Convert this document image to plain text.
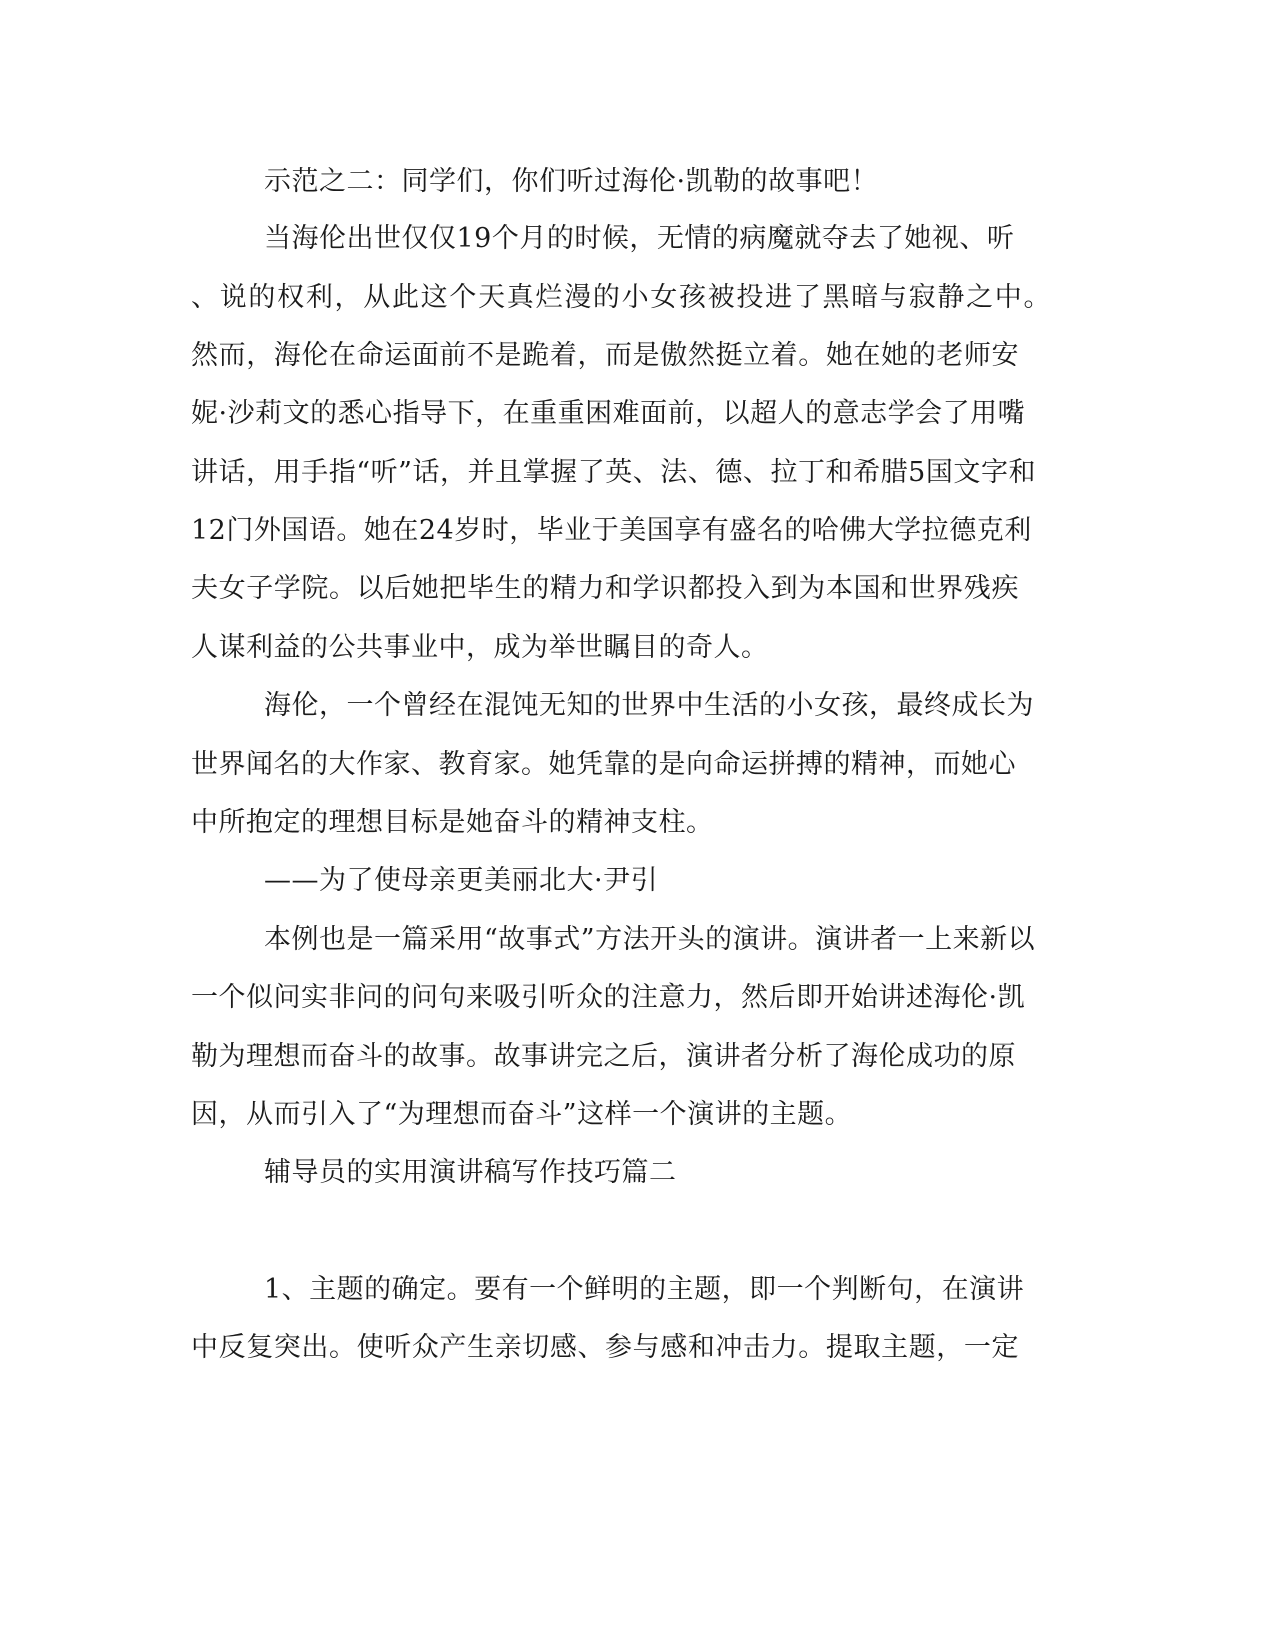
示范之二：同学们，你们听过海伦·凯勒的故事吧！
当海伦出世仅仅19个月的时候，无情的病魔就夺去了她视、听
、说的权利，从此这个天真烂漫的小女孩被投进了黑暗与寂静之中。
然而，海伦在命运面前不是跪着，而是傲然挺立着。她在她的老师安
妮·沙莉文的悉心指导下，在重重困难面前，以超人的意志学会了用嘴
讲话，用手指“听”话，并且掌握了英、法、德、拉丁和希腊5国文字和
12门外国语。她在24岁时，毕业于美国享有盛名的哈佛大学拉德克利
夫女子学院。以后她把毕生的精力和学识都投入到为本国和世界残疾
人谋利益的公共事业中，成为举世瞩目的奇人。
海伦，一个曾经在混饨无知的世界中生活的小女孩，最终成长为
世界闻名的大作家、教育家。她凭靠的是向命运拼搏的精神，而她心
中所抱定的理想目标是她奋斗的精神支柱。
——为了使母亲更美丽北大·尹引
本例也是一篇采用“故事式”方法开头的演讲。演讲者一上来新以
一个似问实非问的问句来吸引听众的注意力，然后即开始讲述海伦·凯
勒为理想而奋斗的故事。故事讲完之后，演讲者分析了海伦成功的原
因，从而引入了“为理想而奋斗”这样一个演讲的主题。
辅导员的实用演讲稿写作技巧篇二
1、主题的确定。要有一个鲜明的主题，即一个判断句，在演讲
中反复突出。使听众产生亲切感、参与感和冲击力。提取主题，一定
